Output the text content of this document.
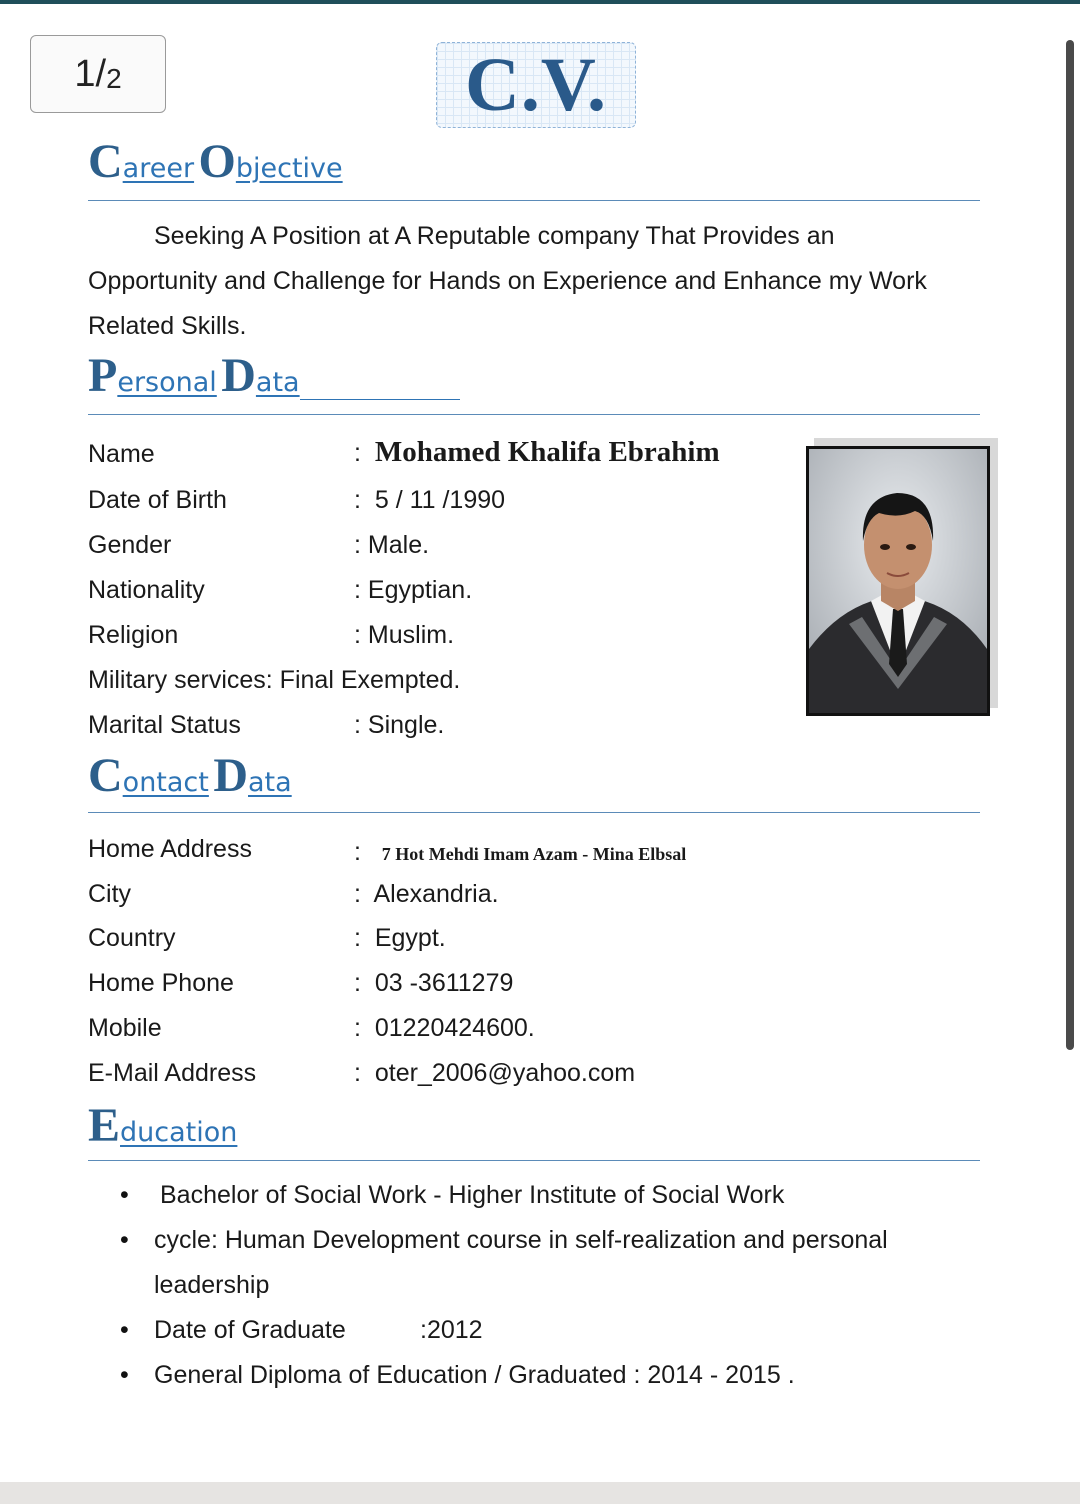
1 / 2	C.V.
Career Objective
Seeking A Position at A Reputable company That Provides an Opportunity and Challenge for Hands on Experience and Enhance my Work Related Skills.
Personal Data
Name	:  Mohamed Khalifa Ebrahim
Date of Birth	:  5 / 11 /1990
Gender	: Male.
Nationality	: Egyptian.
Religion	: Muslim.
Military services: Final Exempted.
Marital Status	: Single.
Contact Data
Home Address	:   7 Hot Mehdi Imam Azam - Mina Elbsal
City	:  Alexandria.
Country	:  Egypt.
Home Phone	:  03 -3611279
Mobile	:  01220424600.
E-Mail Address	:  oter_2006@yahoo.com
Education
• Bachelor of Social Work - Higher Institute of Social Work
• cycle: Human Development course in self-realization and personal
leadership
• Date of Graduate	:2012
• General Diploma of Education / Graduated : 2014 - 2015 .
